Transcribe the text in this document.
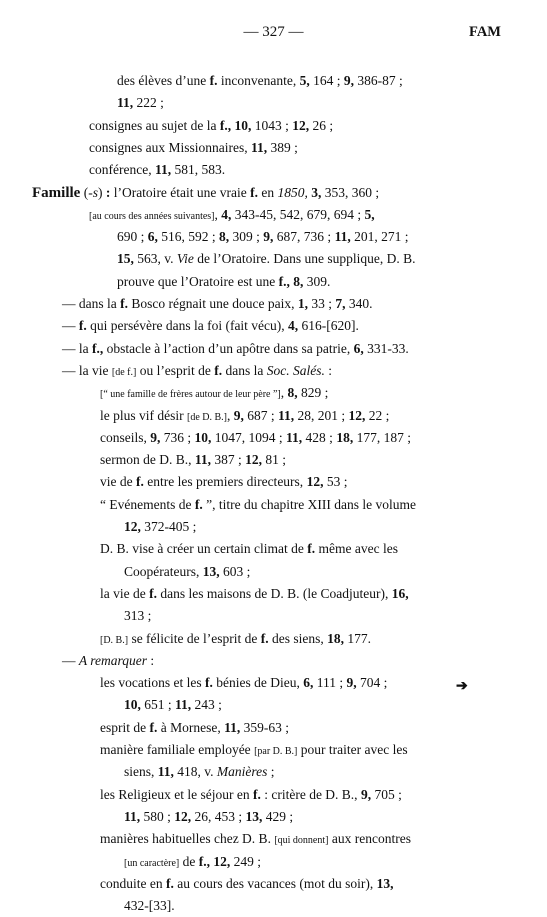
— 327 —	FAM
des élèves d’une f. inconvenante, 5, 164 ; 9, 386-87 ;
11, 222 ;
consignes au sujet de la f., 10, 1043 ; 12, 26 ;
consignes aux Missionnaires, 11, 389 ;
conférence, 11, 581, 583.
Famille (-s) : l’Oratoire était une vraie f. en 1850, 3, 353, 360 ;
[au cours des années suivantes], 4, 343-45, 542, 679, 694 ; 5,
690 ; 6, 516, 592 ; 8, 309 ; 9, 687, 736 ; 11, 201, 271 ;
15, 563, v. Vie de l’Oratoire. Dans une supplique, D. B.
prouve que l’Oratoire est une f., 8, 309.
— dans la f. Bosco régnait une douce paix, 1, 33 ; 7, 340.
— f. qui persévère dans la foi (fait vécu), 4, 616-[620].
— la f., obstacle à l’action d’un apôtre dans sa patrie, 6, 331-33.
— la vie [de f.] ou l’esprit de f. dans la Soc. Salés. :
[“ une famille de frères autour de leur père ”], 8, 829 ;
le plus vif désir [de D. B.], 9, 687 ; 11, 28, 201 ; 12, 22 ;
conseils, 9, 736 ; 10, 1047, 1094 ; 11, 428 ; 18, 177, 187 ;
sermon de D. B., 11, 387 ; 12, 81 ;
vie de f. entre les premiers directeurs, 12, 53 ;
“ Evénements de f. ”, titre du chapitre XIII dans le volume
12, 372-405 ;
D. B. vise à créer un certain climat de f. même avec les
Coopérateurs, 13, 603 ;
la vie de f. dans les maisons de D. B. (le Coadjuteur), 16,
313 ;
[D. B.] se félicite de l’esprit de f. des siens, 18, 177.
— A remarquer :
les vocations et les f. bénies de Dieu, 6, 111 ; 9, 704 ;
10, 651 ; 11, 243 ;
esprit de f. à Mornese, 11, 359-63 ;
manière familiale employée [par D. B.] pour traiter avec les
siens, 11, 418, v. Manières ;
les Religieux et le séjour en f. : critère de D. B., 9, 705 ;
11, 580 ; 12, 26, 453 ; 13, 429 ;
manières habituelles chez D. B. [qui donnent] aux rencontres
[un caractère] de f., 12, 249 ;
conduite en f. au cours des vacances (mot du soir), 13,
432-[33].
➔
